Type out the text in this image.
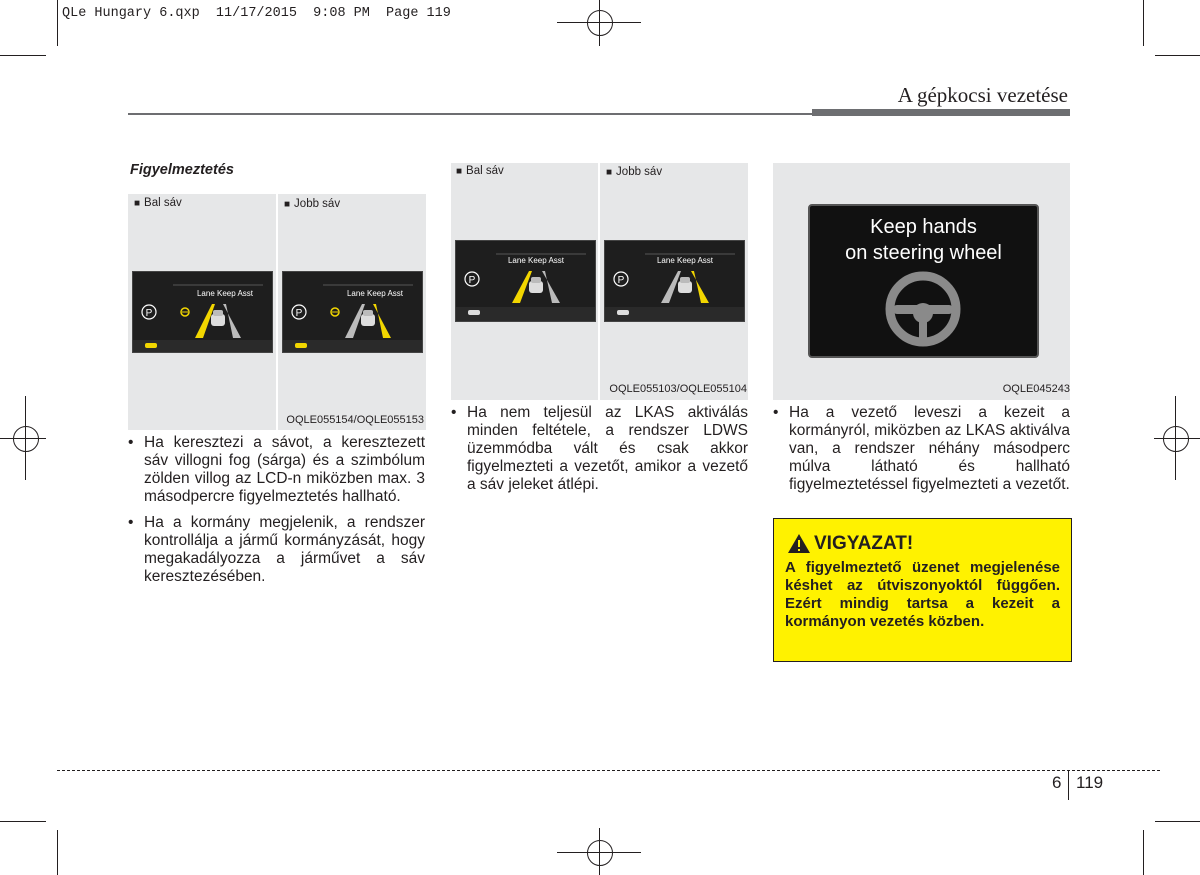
QLe Hungary 6.qxp  11/17/2015  9:08 PM  Page 119
A gépkocsi vezetése
Figyelmeztetés
■ Bal sáv	■ Jobb sáv
Lane Keep Asst
P
Lane Keep Asst
P
OQLE055154/OQLE055153
■ Bal sáv	■ Jobb sáv
Lane Keep Asst
P
Lane Keep Asst
P
OQLE055103/OQLE055104	OQLE045243
Keep hands
on steering wheel
• Ha keresztezi a sávot, a keresztezett sáv villogni fog (sárga) és a szimbólum zölden villog az LCD-n miközben max. 3 másodpercre figyelmeztetés hallható.
• Ha a kormány megjelenik, a rendszer kontrollálja a jármű kormányzását, hogy megakadályozza a járművet a sáv keresztezésében.
• Ha nem teljesül az LKAS aktiválás minden feltétele, a rendszer LDWS üzemmódba vált és csak akkor figyelmezteti a vezetőt, amikor a vezető a sáv jeleket átlépi.
• Ha a vezető leveszi a kezeit a kormányról, miközben az LKAS aktiválva van, a rendszer néhány másodperc múlva látható és hallható figyelmeztetéssel figyelmezteti a vezetőt.
VIGYAZAT!
A figyelmeztető üzenet megjelenése késhet az útviszonyoktól függően. Ezért mindig tartsa a kezeit a kormányon vezetés közben.
6 119
